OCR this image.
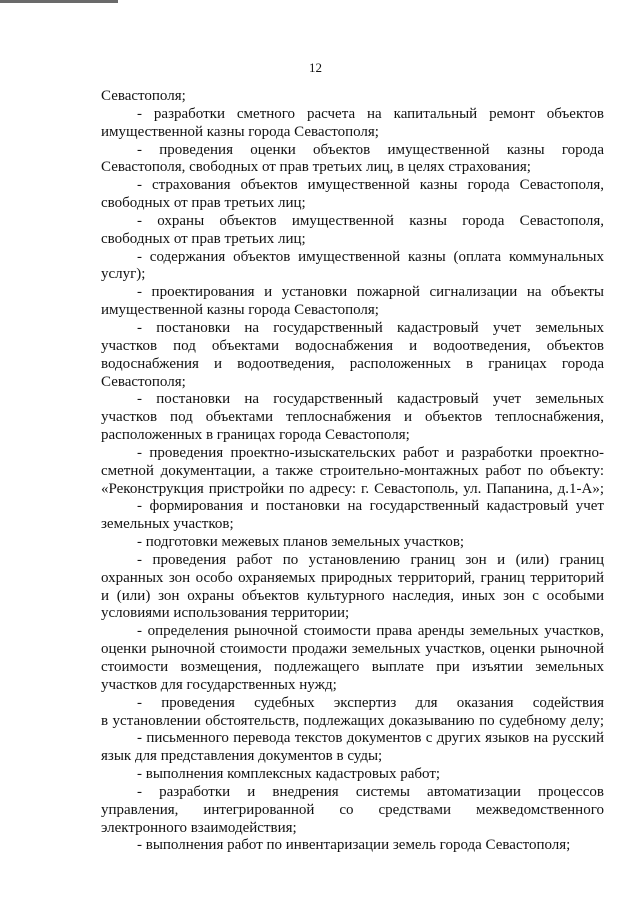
12
Севастополя;
- разработки сметного расчета на капитальный ремонт объектов
имущественной казны города Севастополя;
- проведения оценки объектов имущественной казны города
Севастополя, свободных от прав третьих лиц, в целях страхования;
- страхования объектов имущественной казны города Севастополя,
свободных от прав третьих лиц;
- охраны объектов имущественной казны города Севастополя,
свободных от прав третьих лиц;
- содержания объектов имущественной казны (оплата коммунальных
услуг);
- проектирования и установки пожарной сигнализации на объекты
имущественной казны города Севастополя;
- постановки на государственный кадастровый учет земельных
участков под объектами водоснабжения и водоотведения, объектов
водоснабжения и водоотведения, расположенных в границах города
Севастополя;
- постановки на государственный кадастровый учет земельных
участков под объектами теплоснабжения и объектов теплоснабжения,
расположенных в границах города Севастополя;
- проведения проектно-изыскательских работ и разработки проектно-
сметной документации, а также строительно-монтажных работ по объекту:
«Реконструкция пристройки по адресу: г. Севастополь, ул. Папанина, д.1-А»;
- формирования и постановки на государственный кадастровый учет
земельных участков;
- подготовки межевых планов земельных участков;
- проведения работ по установлению границ зон и (или) границ
охранных зон особо охраняемых природных территорий, границ территорий
и (или) зон охраны объектов культурного наследия, иных зон с особыми
условиями использования территории;
- определения рыночной стоимости права аренды земельных участков,
оценки рыночной стоимости продажи земельных участков, оценки рыночной
стоимости возмещения, подлежащего выплате при изъятии земельных
участков для государственных нужд;
- проведения судебных экспертиз для оказания содействия
в установлении обстоятельств, подлежащих доказыванию по судебному делу;
- письменного перевода текстов документов с других языков на русский
язык для представления документов в суды;
- выполнения комплексных кадастровых работ;
- разработки и внедрения системы автоматизации процессов
управления, интегрированной со средствами межведомственного
электронного взаимодействия;
- выполнения работ по инвентаризации земель города Севастополя;
